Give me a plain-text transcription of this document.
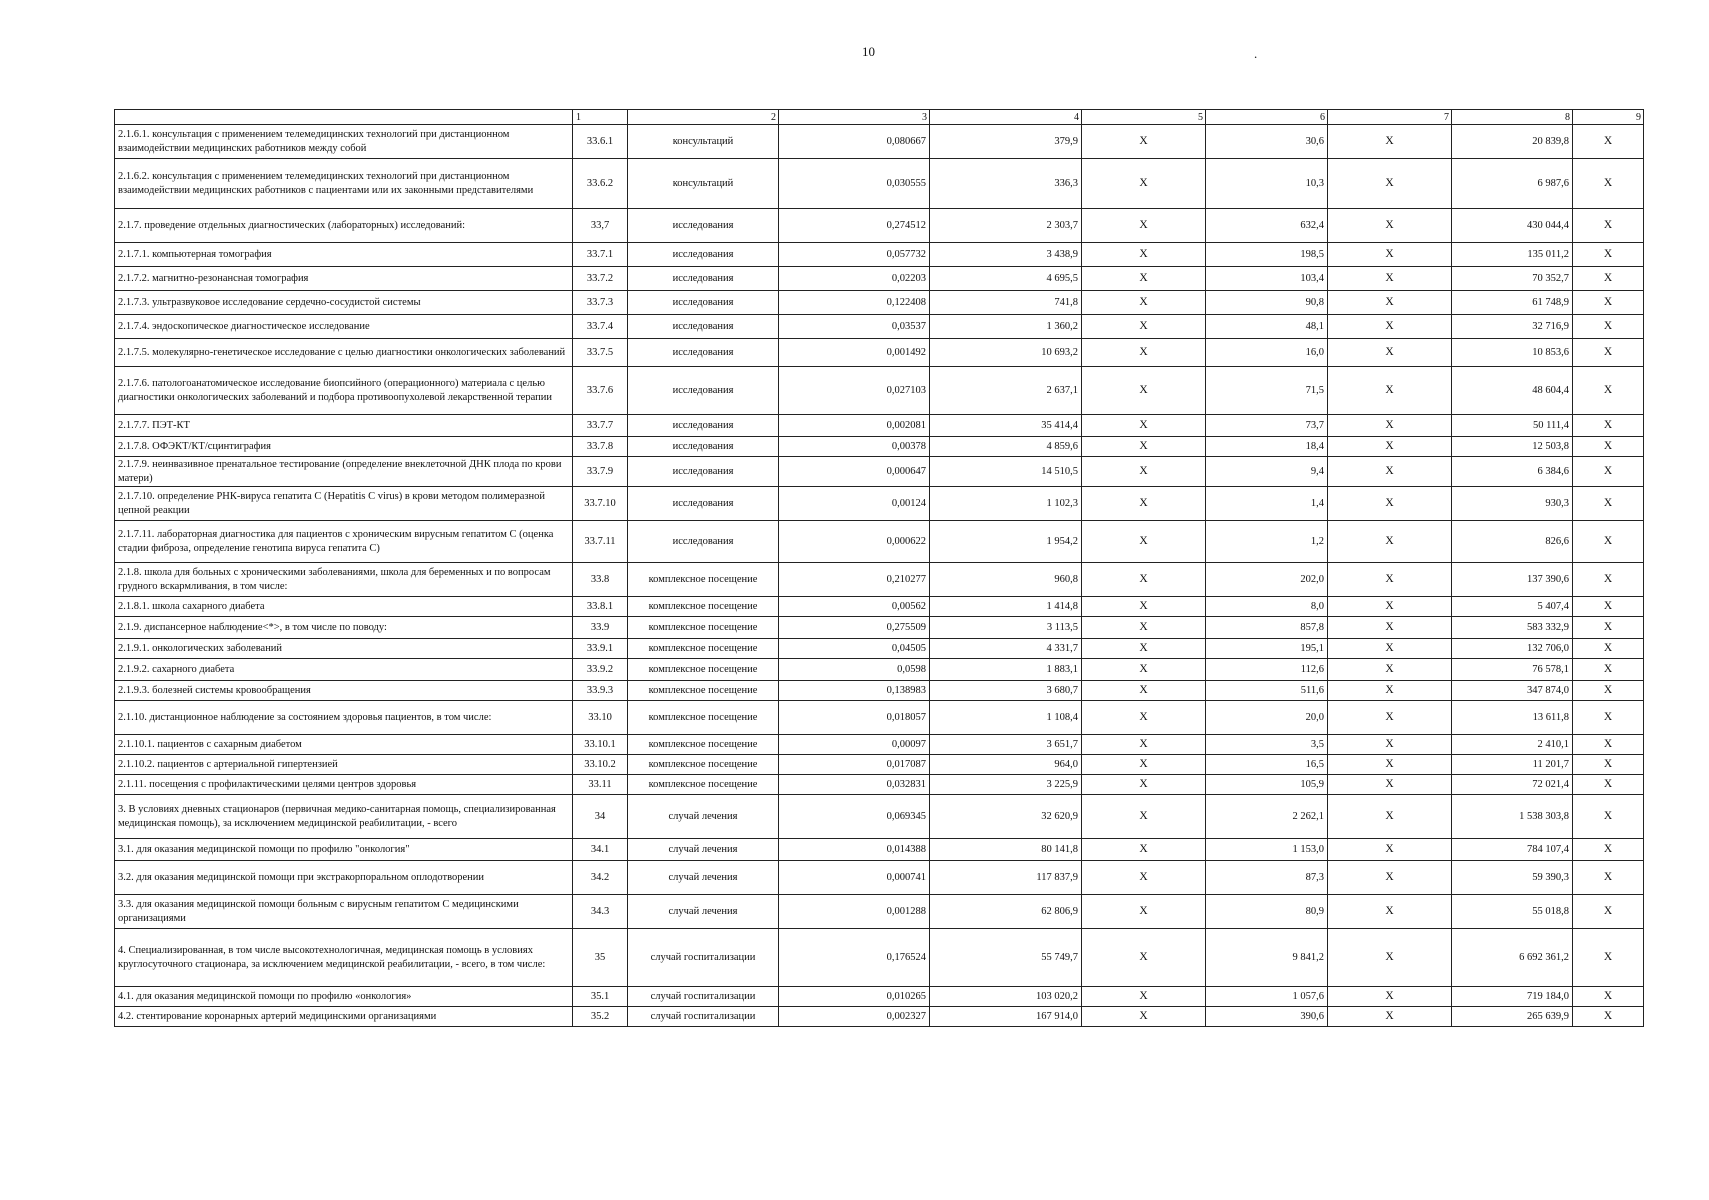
10	.
	1	2	3	4	5	6	7	8	9
2.1.6.1. консультация с применением телемедицинских технологий при дистанционном взаимодействии медицинских работников между собой	33.6.1	консультаций	0,080667	379,9	X	30,6	X	20 839,8	X
2.1.6.2. консультация с применением телемедицинских технологий при дистанционном взаимодействии медицинских работников с пациентами или их законными представителями	33.6.2	консультаций	0,030555	336,3	X	10,3	X	6 987,6	X
2.1.7. проведение отдельных диагностических (лабораторных) исследований:	33,7	исследования	0,274512	2 303,7	X	632,4	X	430 044,4	X
2.1.7.1. компьютерная томография	33.7.1	исследования	0,057732	3 438,9	X	198,5	X	135 011,2	X
2.1.7.2. магнитно-резонансная томография	33.7.2	исследования	0,02203	4 695,5	X	103,4	X	70 352,7	X
2.1.7.3. ультразвуковое исследование сердечно-сосудистой системы	33.7.3	исследования	0,122408	741,8	X	90,8	X	61 748,9	X
2.1.7.4. эндоскопическое диагностическое исследование	33.7.4	исследования	0,03537	1 360,2	X	48,1	X	32 716,9	X
2.1.7.5. молекулярно-генетическое исследование с целью диагностики онкологических заболеваний	33.7.5	исследования	0,001492	10 693,2	X	16,0	X	10 853,6	X
2.1.7.6. патологоанатомическое исследование биопсийного (операционного) материала с целью диагностики онкологических заболеваний и подбора противоопухолевой лекарственной терапии	33.7.6	исследования	0,027103	2 637,1	X	71,5	X	48 604,4	X
2.1.7.7. ПЭТ-КТ	33.7.7	исследования	0,002081	35 414,4	X	73,7	X	50 111,4	X
2.1.7.8. ОФЭКТ/КТ/сцинтиграфия	33.7.8	исследования	0,00378	4 859,6	X	18,4	X	12 503,8	X
2.1.7.9. неинвазивное пренатальное тестирование (определение внеклеточной ДНК плода по крови матери)	33.7.9	исследования	0,000647	14 510,5	X	9,4	X	6 384,6	X
2.1.7.10. определение РНК-вируса гепатита С (Hepatitis C virus) в крови методом полимеразной цепной реакции	33.7.10	исследования	0,00124	1 102,3	X	1,4	X	930,3	X
2.1.7.11. лабораторная диагностика для пациентов с хроническим вирусным гепатитом С (оценка стадии фиброза, определение генотипа вируса гепатита С)	33.7.11	исследования	0,000622	1 954,2	X	1,2	X	826,6	X
2.1.8. школа для больных с хроническими заболеваниями, школа для беременных и по вопросам грудного вскармливания, в том числе:	33.8	комплексное посещение	0,210277	960,8	X	202,0	X	137 390,6	X
2.1.8.1. школа сахарного диабета	33.8.1	комплексное посещение	0,00562	1 414,8	X	8,0	X	5 407,4	X
2.1.9. диспансерное наблюдение<*>, в том числе по поводу:	33.9	комплексное посещение	0,275509	3 113,5	X	857,8	X	583 332,9	X
2.1.9.1. онкологических заболеваний	33.9.1	комплексное посещение	0,04505	4 331,7	X	195,1	X	132 706,0	X
2.1.9.2. сахарного диабета	33.9.2	комплексное посещение	0,0598	1 883,1	X	112,6	X	76 578,1	X
2.1.9.3. болезней системы кровообращения	33.9.3	комплексное посещение	0,138983	3 680,7	X	511,6	X	347 874,0	X
2.1.10. дистанционное наблюдение за состоянием здоровья пациентов, в том числе:	33.10	комплексное посещение	0,018057	1 108,4	X	20,0	X	13 611,8	X
2.1.10.1. пациентов с сахарным диабетом	33.10.1	комплексное посещение	0,00097	3 651,7	X	3,5	X	2 410,1	X
2.1.10.2. пациентов с артериальной гипертензией	33.10.2	комплексное посещение	0,017087	964,0	X	16,5	X	11 201,7	X
2.1.11. посещения с профилактическими целями центров здоровья	33.11	комплексное посещение	0,032831	3 225,9	X	105,9	X	72 021,4	X
3. В условиях дневных стационаров (первичная медико-санитарная помощь, специализированная медицинская помощь), за исключением медицинской реабилитации, - всего	34	случай лечения	0,069345	32 620,9	X	2 262,1	X	1 538 303,8	X
3.1. для оказания медицинской помощи по профилю "онкология"	34.1	случай лечения	0,014388	80 141,8	X	1 153,0	X	784 107,4	X
3.2. для оказания медицинской помощи при экстракорпоральном оплодотворении	34.2	случай лечения	0,000741	117 837,9	X	87,3	X	59 390,3	X
3.3. для оказания медицинской помощи больным с вирусным гепатитом С медицинскими организациями	34.3	случай лечения	0,001288	62 806,9	X	80,9	X	55 018,8	X
4. Специализированная, в том числе высокотехнологичная, медицинская помощь в условиях круглосуточного стационара, за исключением медицинской реабилитации, - всего, в том числе:	35	случай госпитализации	0,176524	55 749,7	X	9 841,2	X	6 692 361,2	X
4.1. для оказания медицинской помощи по профилю «онкология»	35.1	случай госпитализации	0,010265	103 020,2	X	1 057,6	X	719 184,0	X
4.2. стентирование коронарных артерий медицинскими организациями	35.2	случай госпитализации	0,002327	167 914,0	X	390,6	X	265 639,9	X
